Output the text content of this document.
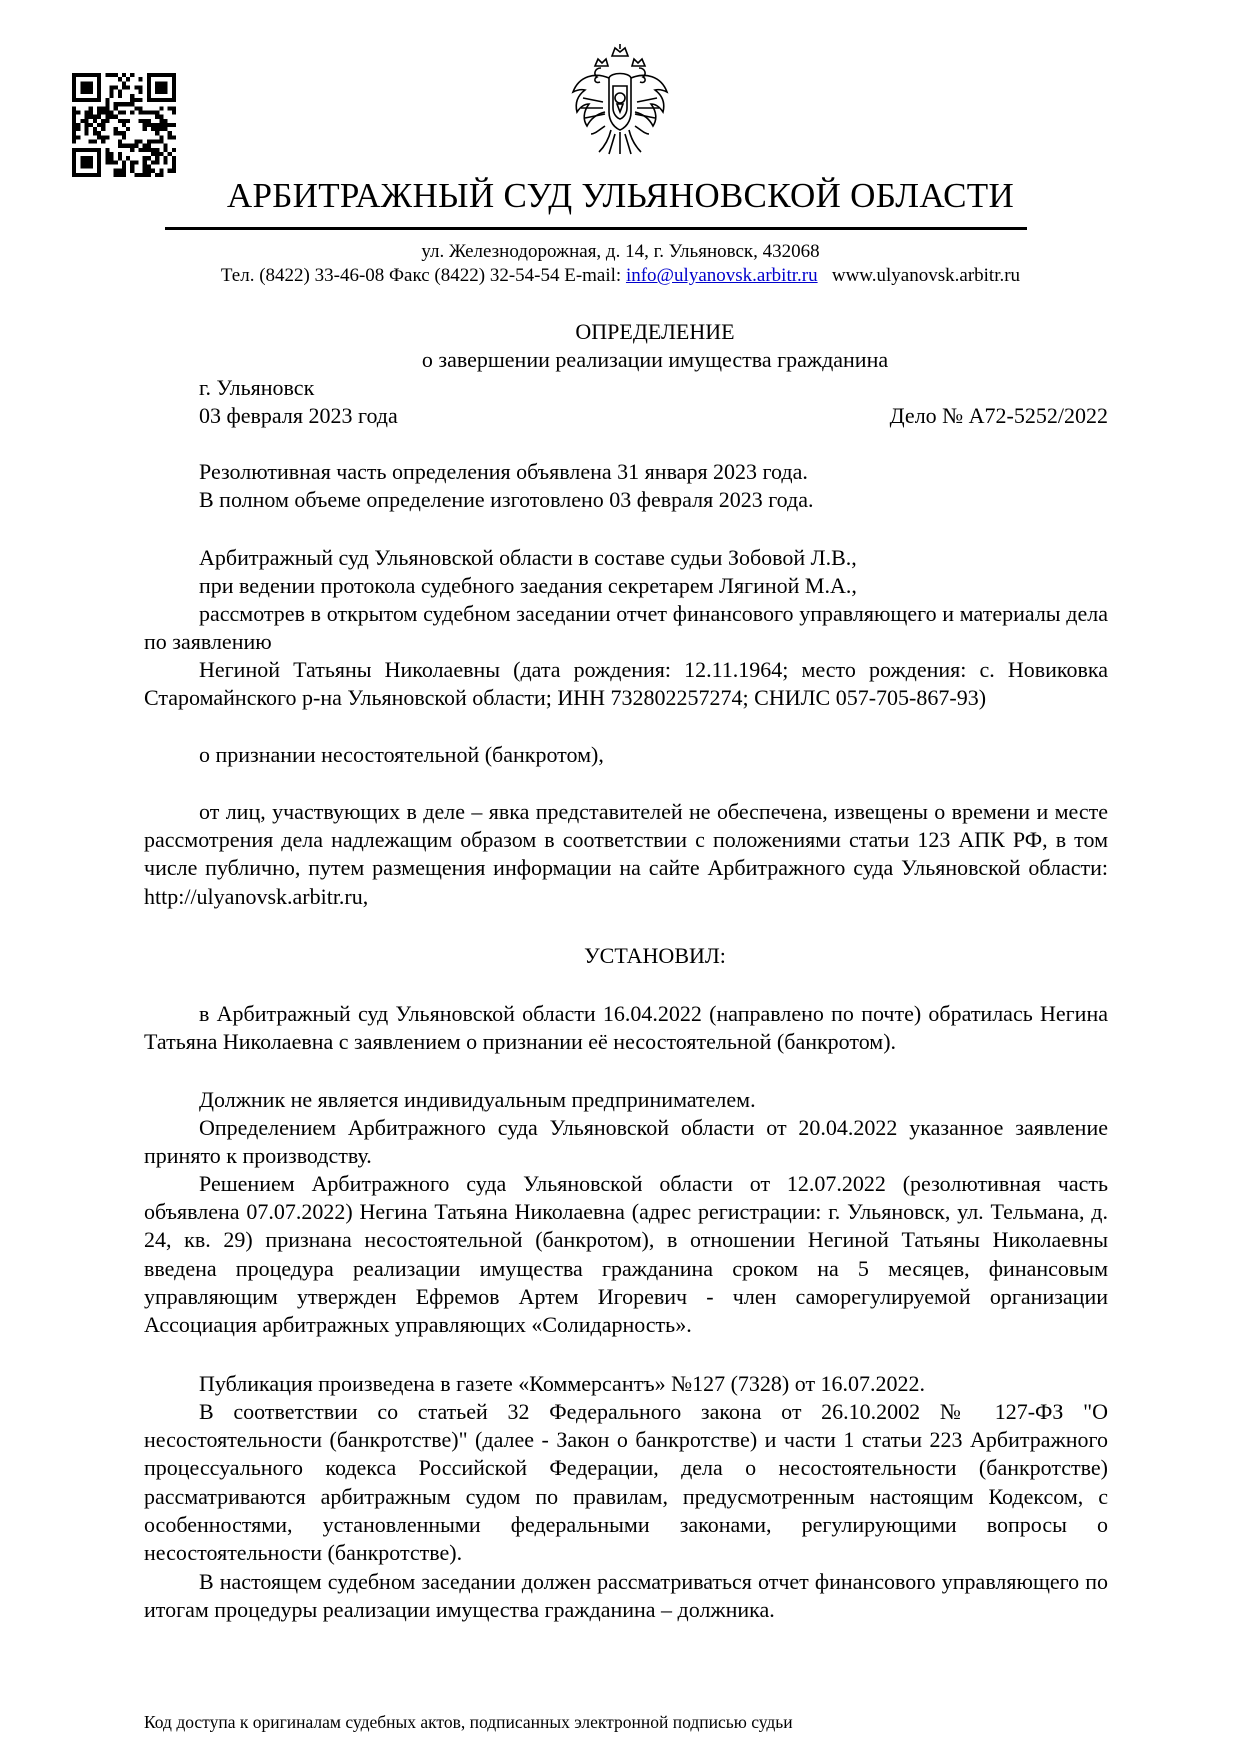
АРБИТРАЖНЫЙ СУД УЛЬЯНОВСКОЙ ОБЛАСТИ
ул. Железнодорожная, д. 14, г. Ульяновск, 432068
Тел. (8422) 33-46-08 Факс (8422) 32-54-54 E-mail: info@ulyanovsk.arbitr.ru www.ulyanovsk.arbitr.ru
ОПРЕДЕЛЕНИЕ
о завершении реализации имущества гражданина
г. Ульяновск
03 февраля 2023 года	Дело № А72-5252/2022
Резолютивная часть определения объявлена 31 января 2023 года.
В полном объеме определение изготовлено 03 февраля 2023 года.
Арбитражный суд Ульяновской области в составе судьи Зобовой Л.В.,
при ведении протокола судебного заедания секретарем Лягиной М.А.,
рассмотрев в открытом судебном заседании отчет финансового управляющего и материалы дела по заявлению
Негиной Татьяны Николаевны (дата рождения: 12.11.1964; место рождения: с. Новиковка Старомайнского р-на Ульяновской области; ИНН 732802257274; СНИЛС 057-705-867-93)
о признании несостоятельной (банкротом),
от лиц, участвующих в деле – явка представителей не обеспечена, извещены о времени и месте рассмотрения дела надлежащим образом в соответствии с положениями статьи 123 АПК РФ, в том числе публично, путем размещения информации на сайте Арбитражного суда Ульяновской области: http://ulyanovsk.arbitr.ru,
УСТАНОВИЛ:
в Арбитражный суд Ульяновской области 16.04.2022 (направлено по почте) обратилась Негина Татьяна Николаевна с заявлением о признании её несостоятельной (банкротом).
Должник не является индивидуальным предпринимателем.
Определением Арбитражного суда Ульяновской области от 20.04.2022 указанное заявление принято к производству.
Решением Арбитражного суда Ульяновской области от 12.07.2022 (резолютивная часть объявлена 07.07.2022) Негина Татьяна Николаевна (адрес регистрации: г. Ульяновск, ул. Тельмана, д. 24, кв. 29) признана несостоятельной (банкротом), в отношении Негиной Татьяны Николаевны введена процедура реализации имущества гражданина сроком на 5 месяцев, финансовым управляющим утвержден Ефремов Артем Игоревич - член саморегулируемой организации Ассоциация арбитражных управляющих «Солидарность».
Публикация произведена в газете «Коммерсантъ» №127 (7328) от 16.07.2022.
В соответствии со статьей 32 Федерального закона от 26.10.2002 № 127-ФЗ "О несостоятельности (банкротстве)" (далее - Закон о банкротстве) и части 1 статьи 223 Арбитражного процессуального кодекса Российской Федерации, дела о несостоятельности (банкротстве) рассматриваются арбитражным судом по правилам, предусмотренным настоящим Кодексом, с особенностями, установленными федеральными законами, регулирующими вопросы о несостоятельности (банкротстве).
В настоящем судебном заседании должен рассматриваться отчет финансового управляющего по итогам процедуры реализации имущества гражданина – должника.
Код доступа к оригиналам судебных актов, подписанных электронной подписью судьи
